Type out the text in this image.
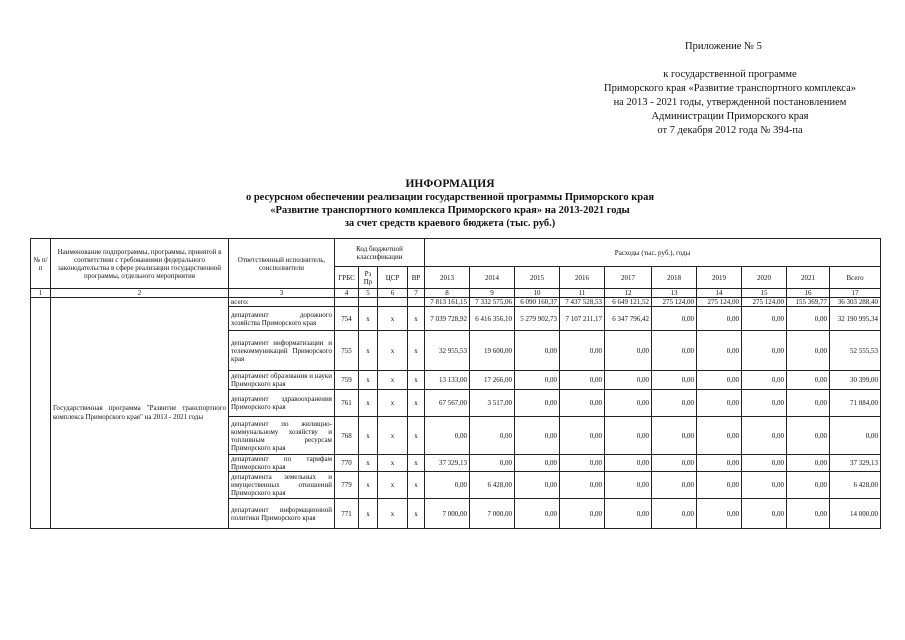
Приложение № 5
к государственной программе
Приморского края «Развитие транспортного комплекса»
на 2013 - 2021 годы, утвержденной постановлением
Администрации Приморского края
от 7 декабря 2012 года № 394-па
ИНФОРМАЦИЯ
о ресурсном обеспечении реализации государственной программы Приморского края
«Развитие транспортного комплекса Приморского края» на 2013-2021 годы
за счет средств краевого бюджета (тыс. руб.)
№ п/п	Наименование подпрограммы, программы, принятой в соответствии с требованиями федерального законодательства в сфере реализации государственной программы, отдельного мероприятия	Ответственный исполнитель, соисполнители	Код бюджетной классификации				Расходы (тыс. руб.), годы									
			ГРБС	Рз Пр	ЦСР	ВР	2013	2014	2015	2016	2017	2018	2019	2020	2021	Всего
1	2	3	4	5	6	7	8	9	10	11	12	13	14	15	16	17
	Государственная программа "Развитие транспортного комплекса Приморского края" на 2013 - 2021 годы	всего:					7 813 161,15	7 332 575,06	6 090 160,37	7 437 528,53	6 649 121,52	275 124,00	275 124,00	275 124,00	155 369,77	36 303 288,40
		департамент дорожного хозяйства Приморского края	754	x	x	x	7 039 728,92	6 416 356,10	5 279 902,73	7 107 211,17	6 347 796,42	0,00	0,00	0,00	0,00	32 190 995,34
		департамент информатизации и телекоммуникаций Приморского края	755	x	x	x	32 955,53	19 600,00	0,00	0,00	0,00	0,00	0,00	0,00	0,00	52 555,53
		департамент образования и науки Приморского края	759	x	x	x	13 133,00	17 266,00	0,00	0,00	0,00	0,00	0,00	0,00	0,00	30 399,00
		департамент здравоохранения Приморского края	761	x	x	x	67 567,00	3 517,00	0,00	0,00	0,00	0,00	0,00	0,00	0,00	71 084,00
		департамент по жилищно-коммунальному хозяйству и топливным ресурсам Приморского края	768	x	x	x	0,00	0,00	0,00	0,00	0,00	0,00	0,00	0,00	0,00	0,00
		департамент по тарифам Приморского края	770	x	x	x	37 329,13	0,00	0,00	0,00	0,00	0,00	0,00	0,00	0,00	37 329,13
		департамента земельных и имущественных отношений Приморского края	779	x	x	x	0,00	6 428,00	0,00	0,00	0,00	0,00	0,00	0,00	0,00	6 428,00
		департамент информационной политики Приморского края	771	x	x	x	7 000,00	7 000,00	0,00	0,00	0,00	0,00	0,00	0,00	0,00	14 000,00
